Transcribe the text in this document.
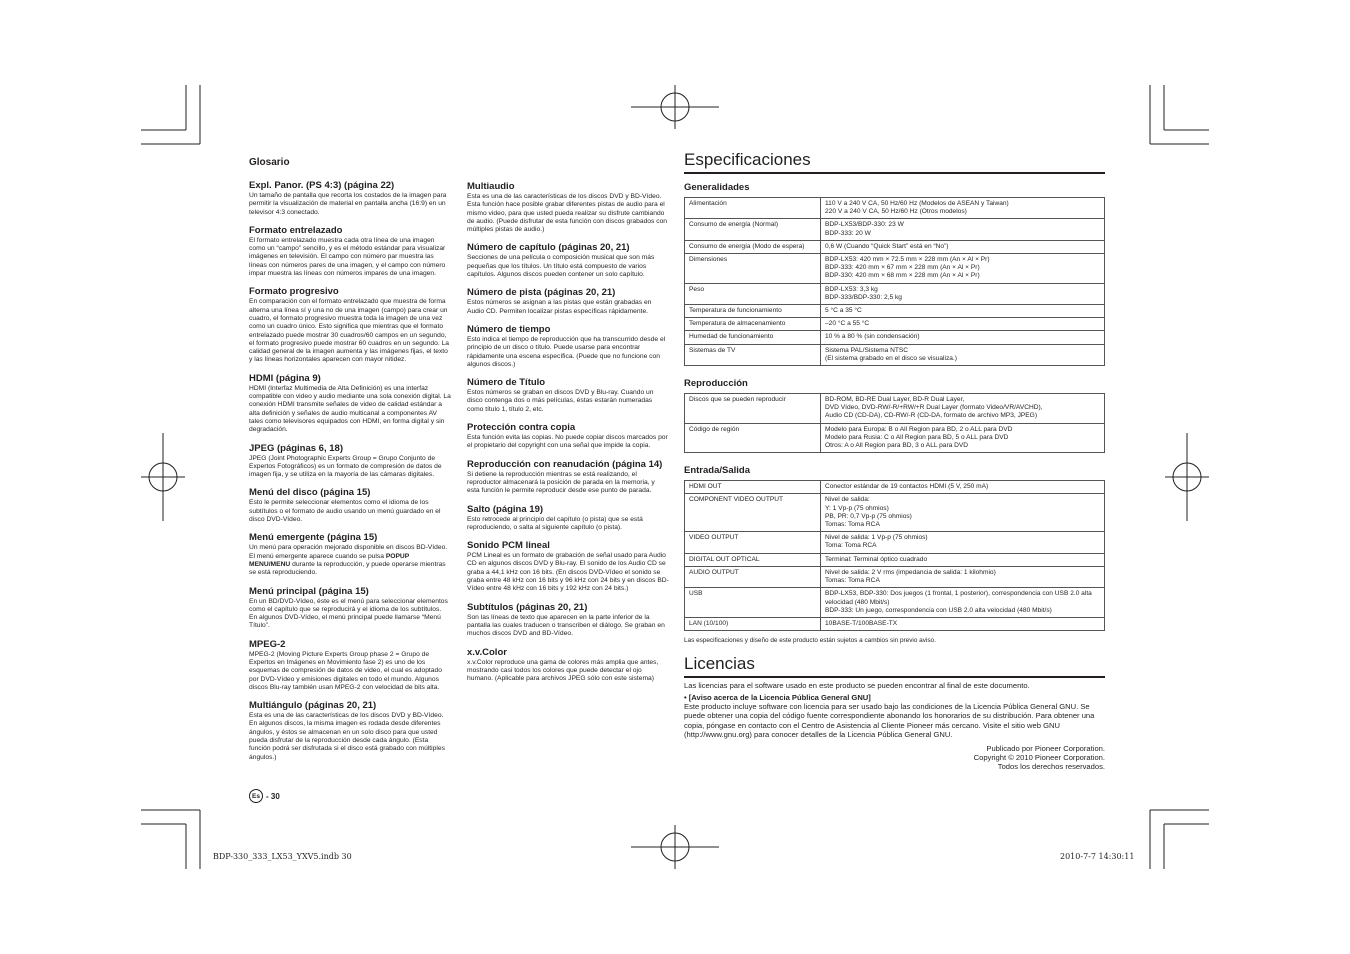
Glosario
Expl. Panor. (PS 4:3) (página 22)

Un tamaño de pantalla que recorta los costados de la imagen para permitir la visualización de material en pantalla ancha (16:9) en un televisor 4:3 conectado.

Formato entrelazado

El formato entrelazado muestra cada otra línea de una imagen como un “campo” sencillo, y es el método estándar para visualizar imágenes en televisión. El campo con número par muestra las líneas con números pares de una imagen, y el campo con número impar muestra las líneas con números impares de una imagen.

Formato progresivo

En comparación con el formato entrelazado que muestra de forma alterna una línea sí y una no de una imagen (campo) para crear un cuadro, el formato progresivo muestra toda la imagen de una vez como un cuadro único. Esto significa que mientras que el formato entrelazado puede mostrar 30 cuadros/60 campos en un segundo, el formato progresivo puede mostrar 60 cuadros en un segundo. La calidad general de la imagen aumenta y las imágenes fijas, el texto y las líneas horizontales aparecen con mayor nitidez.

HDMI (página 9)

HDMI (Interfaz Multimedia de Alta Definición) es una interfaz compatible con video y audio mediante una sola conexión digital. La conexión HDMI transmite señales de video de calidad estándar a alta definición y señales de audio multicanal a componentes AV tales como televisores equipados con HDMI, en forma digital y sin degradación.

JPEG (páginas 6, 18)

JPEG (Joint Photographic Experts Group = Grupo Conjunto de Expertos Fotográficos) es un formato de compresión de datos de imagen fija, y se utiliza en la mayoría de las cámaras digitales.

Menú del disco (página 15)

Esto le permite seleccionar elementos como el idioma de los subtítulos o el formato de audio usando un menú guardado en el disco DVD-Vídeo.

Menú emergente (página 15)

Un menú para operación mejorado disponible en discos BD-Vídeo. El menú emergente aparece cuando se pulsa POPUP MENU/MENU durante la reproducción, y puede operarse mientras se está reproduciendo.

Menú principal (página 15)

En un BD/DVD-Vídeo, éste es el menú para seleccionar elementos como el capítulo que se reproducirá y el idioma de los subtítulos. En algunos DVD-Vídeo, el menú principal puede llamarse “Menú Título”.

MPEG-2

MPEG-2 (Moving Picture Experts Group phase 2 = Grupo de Expertos en Imágenes en Movimiento fase 2) es uno de los esquemas de compresión de datos de video, el cual es adoptado por DVD-Vídeo y emisiones digitales en todo el mundo. Algunos discos Blu-ray también usan MPEG-2 con velocidad de bits alta.

Multiángulo (páginas 20, 21)

Esta es una de las características de los discos DVD y BD-Vídeo. En algunos discos, la misma imagen es rodada desde diferentes ángulos, y éstos se almacenan en un solo disco para que usted pueda disfrutar de la reproducción desde cada ángulo. (Esta función podrá ser disfrutada si el disco está grabado con múltiples ángulos.)

Multiaudio

Esta es una de las características de los discos DVD y BD-Vídeo. Esta función hace posible grabar diferentes pistas de audio para el mismo video, para que usted pueda realizar su disfrute cambiando de audio. (Puede disfrutar de esta función con discos grabados con múltiples pistas de audio.)

Número de capítulo (páginas 20, 21)

Secciones de una película o composición musical que son más pequeñas que los títulos. Un título está compuesto de varios capítulos. Algunos discos pueden contener un solo capítulo.

Número de pista (páginas 20, 21)

Estos números se asignan a las pistas que están grabadas en Audio CD. Permiten localizar pistas específicas rápidamente.

Número de tiempo

Esto indica el tiempo de reproducción que ha transcurrido desde el principio de un disco o título. Puede usarse para encontrar rápidamente una escena específica. (Puede que no funcione con algunos discos.)

Número de Título

Estos números se graban en discos DVD y Blu-ray. Cuando un disco contenga dos o más películas, éstas estarán numeradas como título 1, título 2, etc.

Protección contra copia

Esta función evita las copias. No puede copiar discos marcados por el propietario del copyright con una señal que impide la copia.

Reproducción con reanudación (página 14)

Si detiene la reproducción mientras se está realizando, el reproductor almacenará la posición de parada en la memoria, y esta función le permite reproducir desde ese punto de parada.

Salto (página 19)

Esto retrocede al principio del capítulo (o pista) que se está reproduciendo, o salta al siguiente capítulo (o pista).

Sonido PCM lineal

PCM Lineal es un formato de grabación de señal usado para Audio CD en algunos discos DVD y Blu-ray. El sonido de los Audio CD se graba a 44,1 kHz con 16 bits. (En discos DVD-Vídeo el sonido se graba entre 48 kHz con 16 bits y 96 kHz con 24 bits y en discos BD-Vídeo entre 48 kHz con 16 bits y 192 kHz con 24 bits.)

Subtítulos (páginas 20, 21)

Son las líneas de texto que aparecen en la parte inferior de la pantalla las cuales traducen o transcriben el diálogo. Se graban en muchos discos DVD and BD-Vídeo.

x.v.Color

x.v.Color reproduce una gama de colores más amplia que antes, mostrando casi todos los colores que puede detectar el ojo humano. (Aplicable para archivos JPEG sólo con este sistema)

Es - 30
Especificaciones
Generalidades
Alimentación	110 V a 240 V CA, 50 Hz/60 Hz (Modelos de ASEAN y Taiwan)
220 V a 240 V CA, 50 Hz/60 Hz (Otros modelos)
Consumo de energía (Normal)	BDP-LX53/BDP-330: 23 W
BDP-333: 20 W
Consumo de energía (Modo de espera)	0,6 W (Cuando “Quick Start” está en “No”)
Dimensiones	BDP-LX53: 420 mm × 72.5 mm × 228 mm (An × Al × Pr)
BDP-333: 420 mm × 67 mm × 228 mm (An × Al × Pr)
BDP-330: 420 mm × 68 mm × 228 mm (An × Al × Pr)
Peso	BDP-LX53: 3,3 kg
BDP-333/BDP-330: 2,5 kg
Temperatura de funcionamiento	5 °C a 35 °C
Temperatura de almacenamiento	–20 °C a 55 °C
Humedad de funcionamiento	10 % a 80 % (sin condensación)
Sistemas de TV	Sistema PAL/Sistema NTSC
(El sistema grabado en el disco se visualiza.)
Reproducción
Discos que se pueden reproducir	BD-ROM, BD-RE Dual Layer, BD-R Dual Layer,
DVD Vídeo, DVD-RW/-R/+RW/+R Dual Layer (formato Video/VR/AVCHD),
Audio CD (CD-DA), CD-RW/-R (CD-DA, formato de archivo MP3, JPEG)
Código de región	Modelo para Europa: B o All Region para BD, 2 o ALL para DVD
Modelo para Rusia: C o All Region para BD, 5 o ALL para DVD
Otros: A o All Region para BD, 3 o ALL para DVD
Entrada/Salida
HDMI OUT	Conector estándar de 19 contactos HDMI (5 V, 250 mA)
COMPONENT VIDEO OUTPUT	Nivel de salida:
Y: 1 Vp-p (75 ohmios)
PB, PR: 0,7 Vp-p (75 ohmios)
Tomas: Toma RCA
VIDEO OUTPUT	Nivel de salida: 1 Vp-p (75 ohmios)
Toma: Toma RCA
DIGITAL OUT OPTICAL	Terminal: Terminal óptico cuadrado
AUDIO OUTPUT	Nivel de salida: 2 V rms (impedancia de salida: 1 kilohmio)
Tomas: Toma RCA
USB	BDP-LX53, BDP-330: Dos juegos (1 frontal, 1 posterior), correspondencia con USB 2.0 alta velocidad (480 Mbit/s)
BDP-333: Un juego, correspondencia con USB 2.0 alta velocidad (480 Mbit/s)
LAN (10/100)	10BASE-T/100BASE-TX

Las especificaciones y diseño de este producto están sujetos a cambios sin previo aviso.

Licencias

Las licencias para el software usado en este producto se pueden encontrar al final de este documento.

• [Aviso acerca de la Licencia Pública General GNU]

Este producto incluye software con licencia para ser usado bajo las condiciones de la Licencia Pública General GNU. Se puede obtener una copia del código fuente correspondiente abonando los honorarios de su distribución. Para obtener una copia, póngase en contacto con el Centro de Asistencia al Cliente Pioneer más cercano. Visite el sitio web GNU (http://www.gnu.org) para conocer detalles de la Licencia Pública General GNU.

Publicado por Pioneer Corporation.

Copyright © 2010 Pioneer Corporation.

Todos los derechos reservados.

BDP-330_333_LX53_YXV5.indb 30	2010-7-7 14:30:11
